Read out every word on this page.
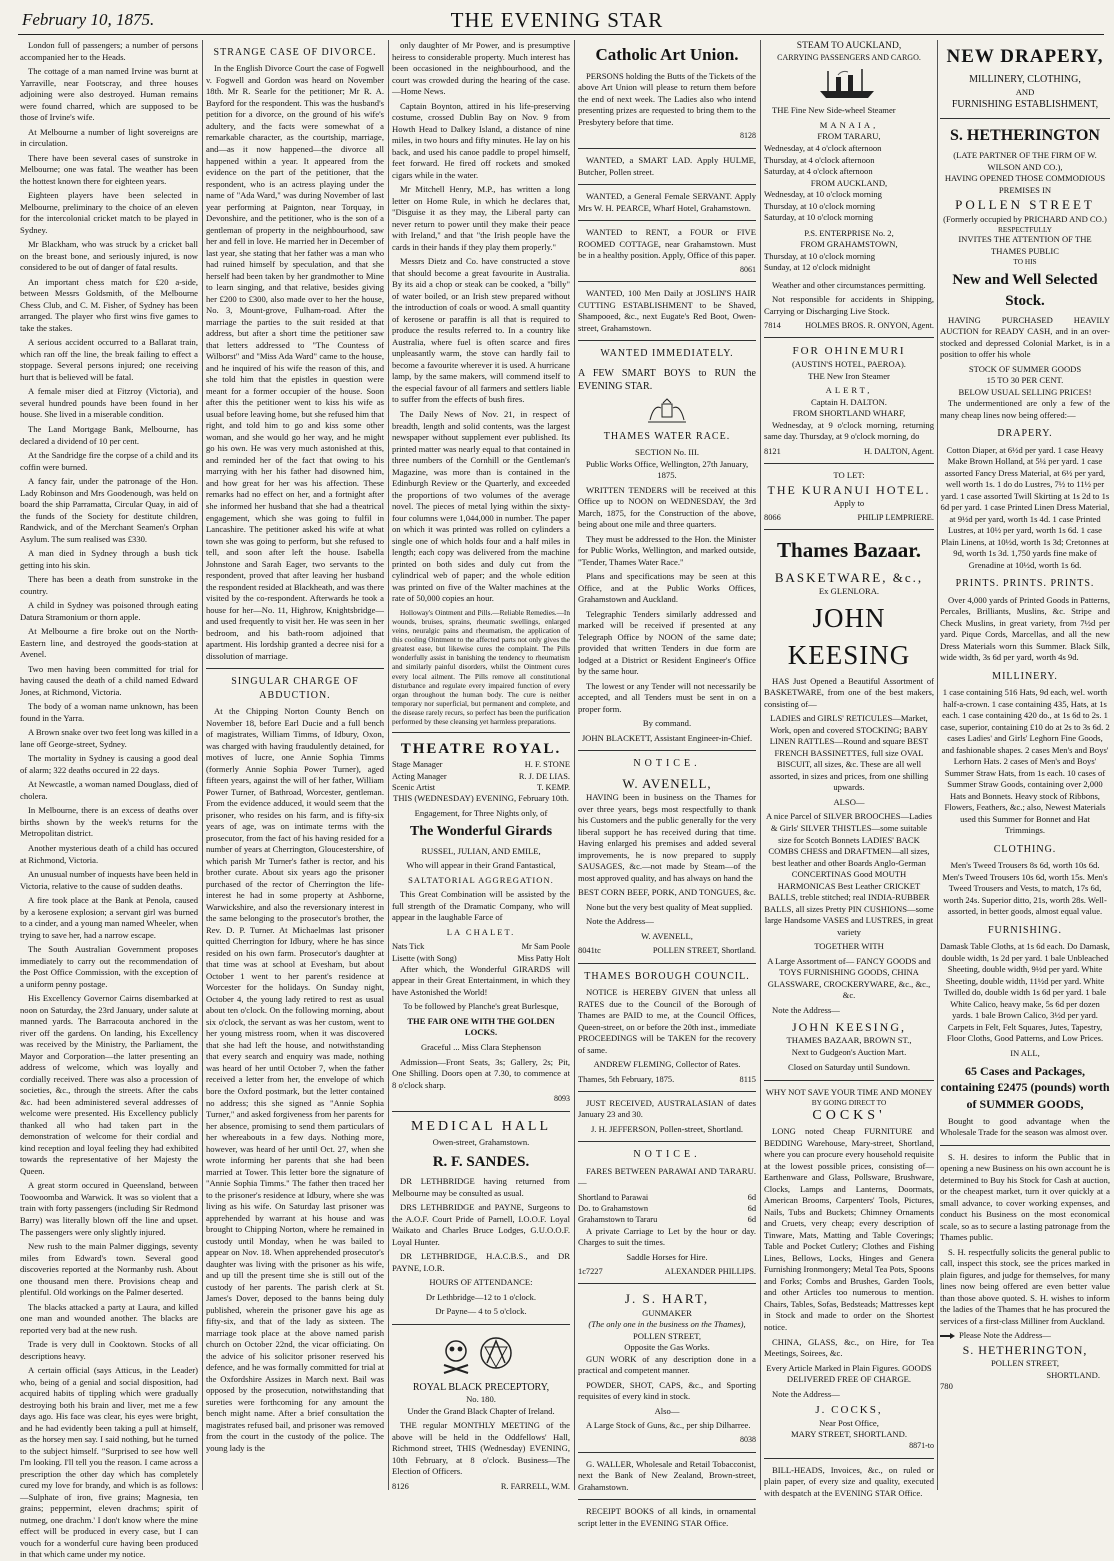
February 10, 1875.	THE EVENING STAR

London full of passengers; a number of persons accompanied her to the Heads.

The cottage of a man named Irvine was burnt at Yarraville, near Footscray, and three houses adjoining were also destroyed. Human remains were found charred, which are supposed to be those of Irvine's wife.

At Melbourne a number of light sovereigns are in circulation.

There have been several cases of sunstroke in Melbourne; one was fatal. The weather has been the hottest known there for eighteen years.

Eighteen players have been selected in Melbourne, preliminary to the choice of an eleven for the intercolonial cricket match to be played in Sydney.

Mr Blackham, who was struck by a cricket ball on the breast bone, and seriously injured, is now considered to be out of danger of fatal results.

An important chess match for £20 a-side, between Messrs Goldsmith, of the Melbourne Chess Club, and C. M. Fisher, of Sydney has been arranged. The player who first wins five games to take the stakes.

A serious accident occurred to a Ballarat train, which ran off the line, the break failing to effect a stoppage. Several persons injured; one receiving hurt that is believed will be fatal.

A female miser died at Fitzroy (Victoria), and several hundred pounds have been found in her house. She lived in a miserable condition.

The Land Mortgage Bank, Melbourne, has declared a dividend of 10 per cent.

At the Sandridge fire the corpse of a child and its coffin were burned.

A fancy fair, under the patronage of the Hon. Lady Robinson and Mrs Goodenough, was held on board the ship Parramatta, Circular Quay, in aid of the funds of the Society for destitute children, Randwick, and of the Merchant Seamen's Orphan Asylum. The sum realised was £330.

A man died in Sydney through a bush tick getting into his skin.

There has been a death from sunstroke in the country.

A child in Sydney was poisoned through eating Datura Stramonium or thorn apple.

At Melbourne a fire broke out on the North-Eastern line, and destroyed the goods-station at Avenel.

Two men having been committed for trial for having caused the death of a child named Edward Jones, at Richmond, Victoria.

The body of a woman name unknown, has been found in the Yarra.

A Brown snake over two feet long was killed in a lane off George-street, Sydney.

The mortality in Sydney is causing a good deal of alarm; 322 deaths occured in 22 days.

At Newcastle, a woman named Douglass, died of cholera.

In Melbourne, there is an excess of deaths over births shown by the week's returns for the Metropolitan district.

Another mysterious death of a child has occured at Richmond, Victoria.

An unusual number of inquests have been held in Victoria, relative to the cause of sudden deaths.

A fire took place at the Bank at Penola, caused by a kerosene explosion; a servant girl was burned to a cinder, and a young man named Wheeler, when trying to save her, had a narrow escape.

The South Australian Government proposes immediately to carry out the recommendation of the Post Office Commission, with the exception of a uniform penny postage.

His Excellency Governor Cairns disembarked at noon on Saturday, the 23rd January, under salute at manned yards. The Barracouta anchored in the river off the gardens. On landing, his Excellency was received by the Ministry, the Parliament, the Mayor and Corporation—the latter presenting an address of welcome, which was loyally and cordially received. There was also a procession of societies, &c., through the streets. After the cabs &c. had been administered several addresses of welcome were presented. His Excellency publicly thanked all who had taken part in the demonstration of welcome for their cordial and kind reception and loyal feeling they had exhibited towards the representative of her Majesty the Queen.

A great storm occured in Queensland, between Toowoomba and Warwick. It was so violent that a train with forty passengers (including Sir Redmond Barry) was literally blown off the line and upset. The passengers were only slightly injured.

New rush to the main Palmer diggings, seventy miles from Edward's town. Several good discoveries reported at the Normanby rush. About one thousand men there. Provisions cheap and plentiful. Old workings on the Palmer deserted.

The blacks attacked a party at Laura, and killed one man and wounded another. The blacks are reported very bad at the new rush.

Trade is very dull in Cooktown. Stocks of all descriptions heavy.

A certain official (says Atticus, in the Leader) who, being of a genial and social disposition, had acquired habits of tippling which were gradually destroying both his brain and liver, met me a few days ago. His face was clear, his eyes were bright, and he had evidently been taking a pull at himself, as the horsey men say. I said nothing, but he turned to the subject himself. "Surprised to see how well I'm looking. I'll tell you the reason. I came across a prescription the other day which has completely cured my love for brandy, and which is as follows:—Sulphate of iron, five grains; Magnesia, ten grains; peppermint, eleven drachms; spirit of nutmeg, one drachm.' I don't know where the mine effect will be produced in every case, but I can vouch for a wonderful cure having been produced in that which came under my notice.

STRANGE CASE OF DIVORCE.

In the English Divorce Court the case of Fogwell v. Fogwell and Gordon was heard on November 18th. Mr R. Searle for the petitioner; Mr R. A. Bayford for the respondent. This was the husband's petition for a divorce, on the ground of his wife's adultery, and the facts were somewhat of a remarkable character, as the courtship, marriage, and—as it now happened—the divorce all happened within a year. It appeared from the evidence on the part of the petitioner, that the respondent, who is an actress playing under the name of "Ada Ward," was during November of last year performing at Paignton, near Torquay, in Devonshire, and the petitioner, who is the son of a gentleman of property in the neighbourhood, saw her and fell in love. He married her in December of last year, she stating that her father was a man who had ruined himself by speculation, and that she herself had been taken by her grandmother to Mine to learn singing, and that relative, besides giving her £200 to £300, also made over to her the house, No. 3, Mount-grove, Fulham-road. After the marriage the parties to the suit resided at that address, but after a short time the petitioner saw that letters addressed to "The Countess of Wilborst" and "Miss Ada Ward" came to the house, and he inquired of his wife the reason of this, and she told him that the epistles in question were meant for a former occupier of the house. Soon after this the petitioner went to kiss his wife as usual before leaving home, but she refused him that right, and told him to go and kiss some other woman, and she would go her way, and he might go his own. He was very much astonished at this, and reminded her of the fact that owing to his marrying with her his father had disowned him, and how great for her was his affection. These remarks had no effect on her, and a fortnight after she informed her husband that she had a theatrical engagement, which she was going to fulfil in Lancashire. The petitioner asked his wife at what town she was going to perform, but she refused to tell, and soon after left the house. Isabella Johnstone and Sarah Eager, two servants to the respondent, proved that after leaving her husband the respondent resided at Blackheath, and was there visited by the co-respondent. Afterwards he took a house for her—No. 11, Highrow, Knightsbridge—and used frequently to visit her. He was seen in her bedroom, and his bath-room adjoined that apartment. His lordship granted a decree nisi for a dissolution of marriage.

SINGULAR CHARGE OF ABDUCTION.

At the Chipping Norton County Bench on November 18, before Earl Ducie and a full bench of magistrates, William Timms, of Idbury, Oxon, was charged with having fraudulently detained, for motives of lucre, one Annie Sophia Timms (formerly Annie Sophia Power Turner), aged fifteen years, against the will of her father, William Power Turner, of Bathroad, Worcester, gentleman. From the evidence adduced, it would seem that the prisoner, who resides on his farm, and is fifty-six years of age, was on intimate terms with the prosecutor, from the fact of his having resided for a number of years at Cherrington, Gloucestershire, of which parish Mr Turner's father is rector, and his brother curate. About six years ago the prisoner purchased of the rector of Cherrington the life-interest he had in some property at Ashborne, Warwickshire, and also the reversionary interest in the same belonging to the prosecutor's brother, the Rev. D. P. Turner. At Michaelmas last prisoner quitted Cherrington for Idbury, where he has since resided on his own farm. Prosecutor's daughter at that time was at school at Evesham, but about October 1 went to her parent's residence at Worcester for the holidays. On Sunday night, October 4, the young lady retired to rest as usual about ten o'clock. On the following morning, about six o'clock, the servant as was her custom, went to her young mistress room, when it was discovered that she had left the house, and notwithstanding that every search and enquiry was made, nothing was heard of her until October 7, when the father received a letter from her, the envelope of which bore the Oxford postmark, but the letter contained no address; this she signed as "Annie Sophia Turner," and asked forgiveness from her parents for her absence, promising to send them particulars of her whereabouts in a few days. Nothing more, however, was heard of her until Oct. 27, when she wrote informing her parents that she had been married at Tower. This letter bore the signature of "Annie Sophia Timms." The father then traced her to the prisoner's residence at Idbury, where she was living as his wife. On Saturday last prisoner was apprehended by warrant at his house and was brought to Chipping Norton, where he remained in custody until Monday, when he was bailed to appear on Nov. 18. When apprehended prosecutor's daughter was living with the prisoner as his wife, and up till the present time she is still out of the custody of her parents. The parish clerk at St. James's Dover, deposed to the banns being duly published, wherein the prisoner gave his age as fifty-six, and that of the lady as sixteen. The marriage took place at the above named parish church on October 22nd, the vicar officiating. On the advice of his solicitor prisoner reserved his defence, and he was formally committed for trial at the Oxfordshire Assizes in March next. Bail was opposed by the prosecution, notwithstanding that sureties were forthcoming for any amount the bench might name. After a brief consultation the magistrates refused bail, and prisoner was removed from the court in the custody of the police. The young lady is the

only daughter of Mr Power, and is presumptive heiress to considerable property. Much interest has been occasioned in the neighbourhood, and the court was crowded during the hearing of the case.—Home News.

Captain Boynton, attired in his life-preserving costume, crossed Dublin Bay on Nov. 9 from Howth Head to Dalkey Island, a distance of nine miles, in two hours and fifty minutes. He lay on his back, and used his canoe paddle to propel himself, feet forward. He fired off rockets and smoked cigars while in the water.

Mr Mitchell Henry, M.P., has written a long letter on Home Rule, in which he declares that, "Disguise it as they may, the Liberal party can never return to power until they make their peace with Ireland," and that "the Irish people have the cards in their hands if they play them properly."

Messrs Dietz and Co. have constructed a stove that should become a great favourite in Australia. By its aid a chop or steak can be cooked, a "billy" of water boiled, or an Irish stew prepared without the introduction of coals or wood. A small quantity of kerosene or paraffin is all that is required to produce the results referred to. In a country like Australia, where fuel is often scarce and fires unpleasantly warm, the stove can hardly fail to become a favourite wherever it is used. A hurricane lamp, by the same makers, will commend itself to the especial favour of all farmers and settlers liable to suffer from the effects of bush fires.

The Daily News of Nov. 21, in respect of breadth, length and solid contents, was the largest newspaper without supplement ever published. Its printed matter was nearly equal to that contained in three numbers of the Cornhill or the Gentleman's Magazine, was more than is contained in the Edinburgh Review or the Quarterly, and exceeded the proportions of two volumes of the average novel. The pieces of metal lying within the sixty-four columns were 1,044,000 in number. The paper on which it was printed was rolled on cylinders a single one of which holds four and a half miles in length; each copy was delivered from the machine printed on both sides and duly cut from the cylindrical web of paper; and the whole edition was printed on five of the Walter machines at the rate of 50,000 copies an hour.

Holloway's Ointment and Pills.—Reliable Remedies.—In wounds, bruises, sprains, rheumatic swellings, enlarged veins, neuralgic pains and rheumatism, the application of this cooling Ointment to the affected parts not only gives the greatest ease, but likewise cures the complaint. The Pills wonderfully assist in banishing the tendency to rheumatism and similarly painful disorders, whilst the Ointment cures every local ailment. The Pills remove all constitutional disturbance and regulate every impaired function of every organ throughout the human body. The cure is neither temporary nor superficial, but permanent and complete, and the disease rarely recurs, so perfect has been the purification performed by these cleansing yet harmless preparations.

THEATRE ROYAL.
Stage Manager	H. F. STONE
Acting Manager	R. J. DE LIAS.
Scenic Artist	T. KEMP.

THIS (WEDNESDAY) EVENING, February 10th.

Engagement, for Three Nights only, of

The Wonderful Girards

RUSSEL, JULIAN, AND EMILE,

Who will appear in their Grand Fantastical,

SALTATORIAL AGGREGATION.

This Great Combination will be assisted by the full strength of the Dramatic Company, who will appear in the laughable Farce of

LA CHALET.

Nats Tick	Mr Sam Poole
Lisette (with Song)	Miss Patty Holt

After which, the Wonderful GIRARDS will appear in their Great Entertainment, in which they have Astonished the World!

To be followed by Planche's great Burlesque,

THE FAIR ONE WITH THE GOLDEN LOCKS.

Graceful ... Miss Clara Stephenson

Admission—Front Seats, 3s; Gallery, 2s; Pit, One Shilling. Doors open at 7.30, to commence at 8 o'clock sharp.

8093
MEDICAL HALL

Owen-street, Grahamstown.

R. F. SANDES.

DR LETHBRIDGE having returned from Melbourne may be consulted as usual.

DRS LETHBRIDGE and PAYNE, Surgeons to the A.O.F. Court Pride of Parnell, I.O.O.F. Loyal Waikato and Charles Bruce Lodges, G.U.O.O.F. Loyal Hunter.

DR LETHBRIDGE, H.A.C.B.S., and DR PAYNE, I.O.R.

HOURS OF ATTENDANCE:

Dr Lethbridge—12 to 1 o'clock.

Dr Payne— 4 to 5 o'clock.

ROYAL BLACK PRECEPTORY,
No. 180.

Under the Grand Black Chapter of Ireland.

THE regular MONTHLY MEETING of the above will be held in the Oddfellows' Hall, Richmond street, THIS (Wednesday) EVENING, 10th February, at 8 o'clock. Business—The Election of Officers.

8126	R. FARRELL, W.M.
Catholic Art Union.

PERSONS holding the Butts of the Tickets of the above Art Union will please to return them before the end of next week. The Ladies also who intend presenting prizes are requested to bring them to the Presbytery before that time.

8128

WANTED, a SMART LAD. Apply HULME, Butcher, Pollen street.

WANTED, a General Female SERVANT. Apply Mrs W. H. PEARCE, Wharf Hotel, Grahamstown.

WANTED to RENT, a FOUR or FIVE ROOMED COTTAGE, near Grahamstown. Must be in a healthy position. Apply, Office of this paper.

8061

WANTED, 100 Men Daily at JOSLIN'S HAIR CUTTING ESTABLISHMENT to be Shaved, Shampooed, &c., next Eugate's Red Boot, Owen-street, Grahamstown.

WANTED IMMEDIATELY.

A FEW SMART BOYS to RUN the EVENING STAR.

THAMES WATER RACE.
SECTION No. III.

Public Works Office, Wellington, 27th January, 1875.

WRITTEN TENDERS will be received at this Office up to NOON on WEDNESDAY, the 3rd March, 1875, for the Construction of the above, being about one mile and three quarters.

They must be addressed to the Hon. the Minister for Public Works, Wellington, and marked outside, "Tender, Thames Water Race."

Plans and specifications may be seen at this Office, and at the Public Works Offices, Grahamstown and Auckland.

Telegraphic Tenders similarly addressed and marked will be received if presented at any Telegraph Office by NOON of the same date; provided that written Tenders in due form are lodged at a District or Resident Engineer's Office by the same hour.

The lowest or any Tender will not necessarily be accepted, and all Tenders must be sent in on a proper form.

By command.

JOHN BLACKETT, Assistant Engineer-in-Chief.

NOTICE.
W. AVENELL,

HAVING been in business on the Thames for over three years, begs most respectfully to thank his Customers and the public generally for the very liberal support he has received during that time. Having enlarged his premises and added several improvements, he is now prepared to supply SAUSAGES, &c.—not made by Steam—of the most approved quality, and has always on hand the

BEST CORN BEEF, PORK, AND TONGUES, &c.

None but the very best quality of Meat supplied.

Note the Address—

W. AVENELL,

8041tc	POLLEN STREET, Shortland.
THAMES BOROUGH COUNCIL.

NOTICE is HEREBY GIVEN that unless all RATES due to the Council of the Borough of Thames are PAID to me, at the Council Offices, Queen-street, on or before the 20th inst., immediate PROCEEDINGS will be TAKEN for the recovery of same.

ANDREW FLEMING, Collector of Rates.

Thames, 5th February, 1875.	8115

JUST RECEIVED, AUSTRALASIAN of dates January 23 and 30.

J. H. JEFFERSON, Pollen-street, Shortland.

NOTICE.

FARES BETWEEN PARAWAI AND TARARU.—

Shortland to Parawai	6d
Do. to Grahamstown	6d
Grahamstown to Tararu	6d

A private Carriage to Let by the hour or day. Charges to suit the times.

Saddle Horses for Hire.

1c7227	ALEXANDER PHILLIPS.
J. S. HART,
GUNMAKER
(The only one in the business on the Thames),
POLLEN STREET,
Opposite the Gas Works.

GUN WORK of any description done in a practical and competent manner.

POWDER, SHOT, CAPS, &c., and Sporting requisites of every kind in stock.

Also—

A Large Stock of Guns, &c., per ship Dilharree.

8038

G. WALLER, Wholesale and Retail Tobacconist, next the Bank of New Zealand, Brown-street, Grahamstown.

RECEIPT BOOKS of all kinds, in ornamental script letter in the EVENING STAR Office.

STEAM TO AUCKLAND,
CARRYING PASSENGERS AND CARGO.

THE Fine New Side-wheel Steamer

MANAIA,
FROM TARARU,
Wednesday, at 4 o'clock afternoon
Thursday, at 4 o'clock afternoon
Saturday, at 4 o'clock afternoon
FROM AUCKLAND,
Wednesday, at 10 o'clock morning
Thursday, at 10 o'clock morning
Saturday, at 10 o'clock morning
P.S. ENTERPRISE No. 2,
FROM GRAHAMSTOWN,
Thursday, at 10 o'clock morning
Sunday, at 12 o'clock midnight

Weather and other circumstances permitting.

Not responsible for accidents in Shipping, Carrying or Discharging Live Stock.

7814	HOLMES BROS. R. ONYON, Agent.
FOR OHINEMURI
(AUSTIN'S HOTEL, PAEROA).

THE New Iron Steamer

ALERT,
Captain H. DALTON.
FROM SHORTLAND WHARF,

Wednesday, at 9 o'clock morning, returning same day. Thursday, at 9 o'clock morning, do

8121	H. DALTON, Agent.
TO LET:
THE KURANUI HOTEL.

Apply to

8066	PHILIP LEMPRIERE.
Thames Bazaar.
BASKETWARE, &c.,
Ex GLENLORA.
JOHN KEESING

HAS Just Opened a Beautiful Assortment of BASKETWARE, from one of the best makers, consisting of—

LADIES and GIRLS' RETICULES—Market, Work, open and covered STOCKING; BABY LINEN RATTLES—Round and square BEST FRENCH BASSINETTES, full size OVAL BISCUIT, all sizes, &c. These are all well assorted, in sizes and prices, from one shilling upwards.

ALSO—

A nice Parcel of SILVER BROOCHES—Ladies & Girls' SILVER THISTLES—some suitable size for Scotch Bonnets LADIES' BACK COMBS CHESS and DRAFTMEN—all sizes, best leather and other Boards Anglo-German CONCERTINAS Good MOUTH HARMONICAS Best Leather CRICKET BALLS, treble stitched; real INDIA-RUBBER BALLS, all sizes Pretty PIN CUSHIONS—some large Handsome VASES and LUSTRES, in great variety

TOGETHER WITH

A Large Assortment of— FANCY GOODS and TOYS FURNISHING GOODS, CHINA GLASSWARE, CROCKERYWARE, &c., &c., &c.

Note the Address—

JOHN KEESING,
THAMES BAZAAR, BROWN ST.,
Next to Gudgeon's Auction Mart.

Closed on Saturday until Sundown.

WHY NOT SAVE YOUR TIME AND MONEY
BY GOING DIRECT TO
COCKS'

LONG noted Cheap FURNITURE and BEDDING Warehouse, Mary-street, Shortland, where you can procure every household requisite at the lowest possible prices, consisting of—Earthenware and Glass, Pollsware, Brushware, Clocks, Lamps and Lanterns, Doormats, American Brooms, Carpenters' Tools, Pictures, Nails, Tubs and Buckets; Chimney Ornaments and Cruets, very cheap; every description of Tinware, Mats, Matting and Table Coverings; Table and Pocket Cutlery; Clothes and Fishing Lines, Bellows, Locks, Hinges and Genera Furnishing Ironmongery; Metal Tea Pots, Spoons and Forks; Combs and Brushes, Garden Tools, and other Articles too numerous to mention. Chairs, Tables, Sofas, Bedsteads; Mattresses kept in Stock and made to order on the Shortest notice.

CHINA, GLASS, &c., on Hire, for Tea Meetings, Soirees, &c.

Every Article Marked in Plain Figures. GOODS DELIVERED FREE OF CHARGE.

Note the Address—

J. COCKS,
Near Post Office,
MARY STREET, SHORTLAND.
8871-to

BILL-HEADS, Invoices, &c., on ruled or plain paper, of every size and quality, executed with despatch at the EVENING STAR Office.

NEW DRAPERY,
MILLINERY, CLOTHING,
AND
FURNISHING ESTABLISHMENT,
S. HETHERINGTON
(LATE PARTNER OF THE FIRM OF W. WILSON AND CO.),
HAVING OPENED THOSE COMMODIOUS PREMISES IN
POLLEN STREET
(Formerly occupied by PRICHARD AND CO.)
RESPECTFULLY
INVITES THE ATTENTION OF THE THAMES PUBLIC
TO HIS
New and Well Selected Stock.

HAVING PURCHASED HEAVILY AUCTION for READY CASH, and in an over-stocked and depressed Colonial Market, is in a position to offer his whole

STOCK OF SUMMER GOODS
15 TO 30 PER CENT.
BELOW USUAL SELLING PRICES!

The undermentioned are only a few of the many cheap lines now being offered:—

DRAPERY.

Cotton Diaper, at 6½d per yard. 1 case Heavy Make Brown Holland, at 5¼ per yard. 1 case assorted Fancy Dress Material, at 6½ per yard, well worth 1s. 1 do do Lustres, 7½ to 11½ per yard. 1 case assorted Twill Skirting at 1s 2d to 1s 6d per yard. 1 case Printed Linen Dress Material, at 9½d per yard, worth 1s 4d. 1 case Printed Lustres, at 10½ per yard, worth 1s 6d. 1 case Plain Linens, at 10½d, worth 1s 3d; Cretonnes at 9d, worth 1s 3d. 1,750 yards fine make of Grenadine at 10½d, worth 1s 6d.

PRINTS. PRINTS. PRINTS.

Over 4,000 yards of Printed Goods in Patterns, Percales, Brilliants, Muslins, &c. Stripe and Check Muslins, in great variety, from 7½d per yard. Pique Cords, Marcellas, and all the new Dress Materials worn this Summer. Black Silk, wide width, 3s 6d per yard, worth 4s 9d.

MILLINERY.

1 case containing 516 Hats, 9d each, wel. worth half-a-crown. 1 case containing 435, Hats, at 1s each. 1 case containing 420 do., at 1s 6d to 2s. 1 case, superior, containing £10 do at 2s to 3s 6d. 2 cases Ladies' and Girls' Leghorn Fine Goods, and fashionable shapes. 2 cases Men's and Boys' Lerhorn Hats. 2 cases of Men's and Boys' Summer Straw Hats, from 1s each. 10 cases of Summer Straw Goods, containing over 2,000 Hats and Bonnets. Heavy stock of Ribbons, Flowers, Feathers, &c.; also, Newest Materials used this Summer for Bonnet and Hat Trimmings.

CLOTHING.

Men's Tweed Trousers 8s 6d, worth 10s 6d. Men's Tweed Trousers 10s 6d, worth 15s. Men's Tweed Trousers and Vests, to match, 17s 6d, worth 24s. Superior ditto, 21s, worth 28s. Well-assorted, in better goods, almost equal value.

FURNISHING.

Damask Table Cloths, at 1s 6d each. Do Damask, double width, 1s 2d per yard. 1 bale Unbleached Sheeting, double width, 9½d per yard. White Sheeting, double width, 11½d per yard. White Twilled do, double width 1s 6d per yard. 1 bale White Calico, heavy make, 5s 6d per dozen yards. 1 bale Brown Calico, 3½d per yard. Carpets in Felt, Felt Squares, Jutes, Tapestry, Floor Cloths, Good Patterns, and Low Prices.

IN ALL,
65 Cases and Packages, containing £2475 (pounds) worth of SUMMER GOODS,

Bought to good advantage when the Wholesale Trade for the season was almost over.

S. H. desires to inform the Public that in opening a new Business on his own account he is determined to Buy his Stock for Cash at auction, or the cheapest market, turn it over quickly at a small advance, to cover working expenses, and conduct his Business on the most economical scale, so as to secure a lasting patronage from the Thames public.

S. H. respectfully solicits the general public to call, inspect this stock, see the prices marked in plain figures, and judge for themselves, for many lines now being offered are even better value than those above quoted. S. H. wishes to inform the ladies of the Thames that he has procured the services of a first-class Milliner from Auckland.

Please Note the Address—
S. HETHERINGTON,
POLLEN STREET,
SHORTLAND.
780
